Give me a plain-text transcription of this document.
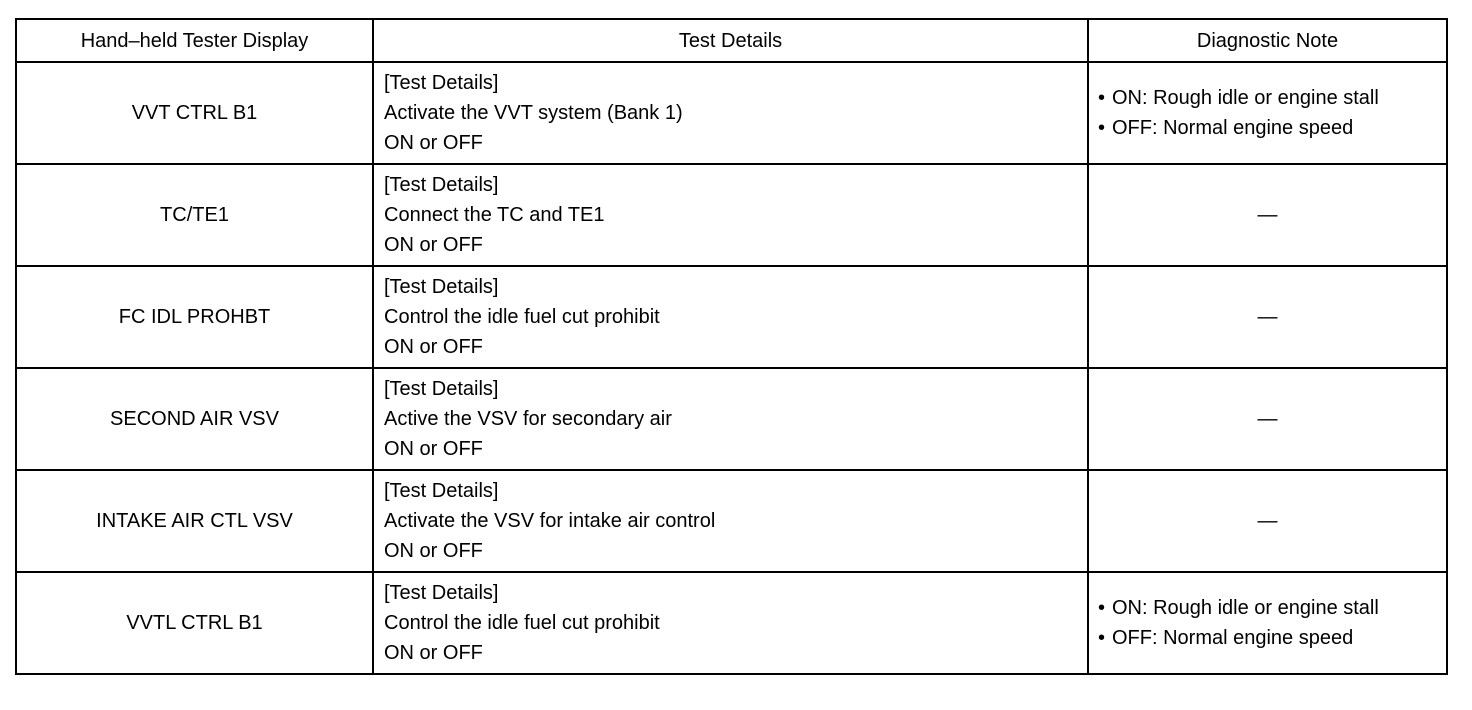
Hand–held Tester Display	Test Details	Diagnostic Note
VVT CTRL B1	[Test Details]
Activate the VVT system (Bank 1)
ON or OFF	• ON: Rough idle or engine stall
• OFF: Normal engine speed

TC/TE1	[Test Details]
Connect the TC and TE1
ON or OFF	—
FC IDL PROHBT	[Test Details]
Control the idle fuel cut prohibit
ON or OFF	—
SECOND AIR VSV	[Test Details]
Active the VSV for secondary air
ON or OFF	—
INTAKE AIR CTL VSV	[Test Details]
Activate the VSV for intake air control
ON or OFF	—
VVTL CTRL B1	[Test Details]
Control the idle fuel cut prohibit
ON or OFF	• ON: Rough idle or engine stall
• OFF: Normal engine speed
